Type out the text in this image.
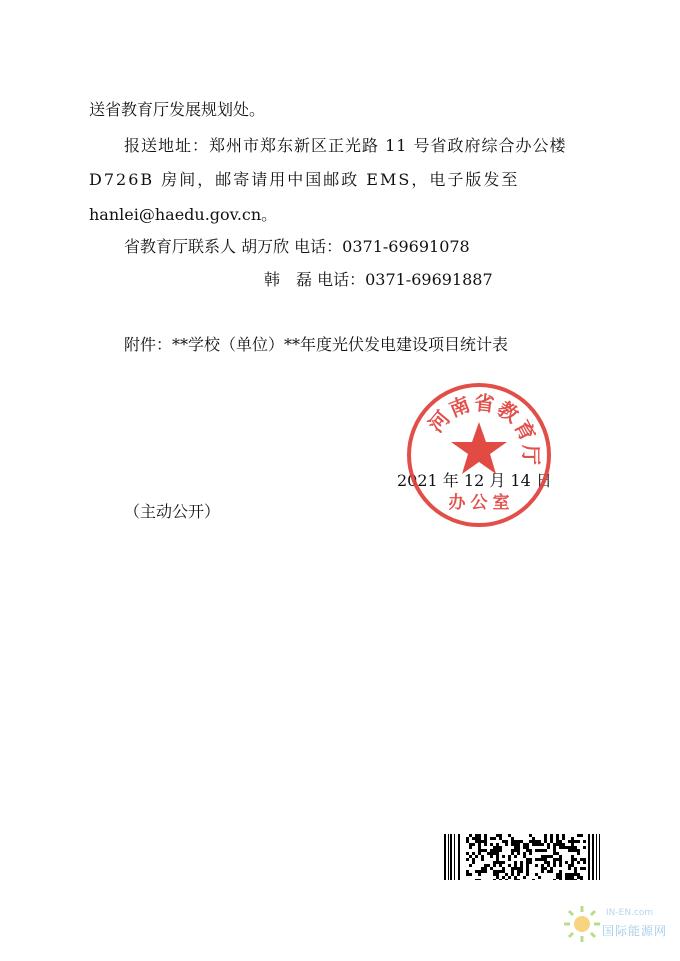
送省教育厅发展规划处。
报送地址：郑州市郑东新区正光路 11 号省政府综合办公楼
D726B 房间，邮寄请用中国邮政 EMS，电子版发至
hanlei@haedu.gov.cn。
省教育厅联系人 胡万欣 电话：0371-69691078
韩　磊 电话：0371-69691887
附件：**学校（单位）**年度光伏发电建设项目统计表
2021 年 12 月 14 日
（主动公开）
河
南 省
教
育
厅
办 公 室
IN-EN.com
国际能源网
